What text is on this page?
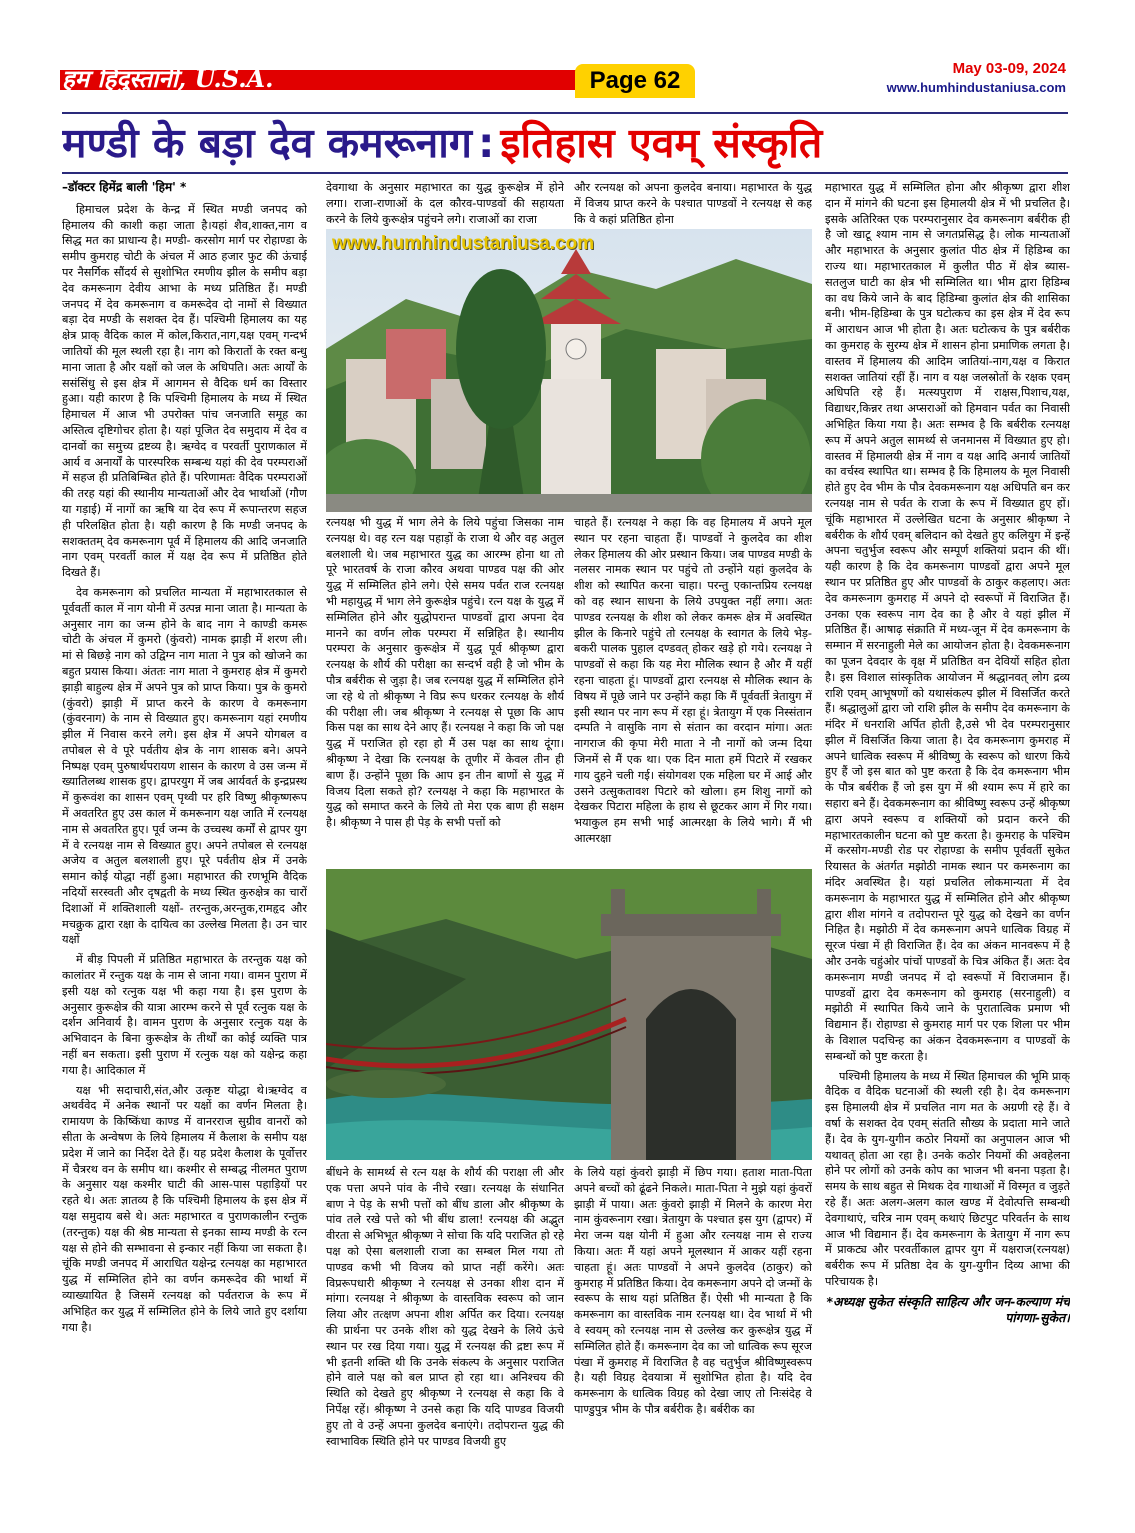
हम हिंदुस्तानी, U.S.A.	Page 62	May 03-09, 2024
www.humhindustaniusa.com
मण्डी के बड़ा देव कमरूनाग : इतिहास एवम् संस्कृति

–डॉक्टर हिमेंद्र बाली 'हिम' *

हिमाचल प्रदेश के केन्द्र में स्थित मण्डी जनपद को हिमालय की काशी कहा जाता है।यहां शैव,शाक्त,नाग व सिद्ध मत का प्राधान्य है। मण्डी- करसोग मार्ग पर रोहाण्डा के समीप कुमराह चोटी के अंचल में आठ हजार फुट की ऊंचाई पर नैसर्गिक सौंदर्य से सुशोभित रमणीय झील के समीप बड़ा देव कमरूनाग देवीय आभा के मध्य प्रतिष्ठित हैं। मण्डी जनपद में देव कमरूनाग व कमरूदेव दो नामों से विख्यात बड़ा देव मण्डी के सशक्त देव हैं। पश्चिमी हिमालय का यह क्षेत्र प्राक् वैदिक काल में कोल,किरात,नाग,यक्ष एवम् गन्दर्भ जातियों की मूल स्थली रहा है। नाग को किरातों के रक्त बन्धु माना जाता है और यक्षों को जल के अधिपति। अतः आर्यों के ससंसिंधु से इस क्षेत्र में आगमन से वैदिक धर्म का विस्तार हुआ। यही कारण है कि पश्चिमी हिमालय के मध्य में स्थित हिमाचल में आज भी उपरोक्त पांच जनजाति समूह का अस्तित्व दृष्टिगोचर होता है। यहां पूजित देव समुदाय में देव व दानवों का समुच्य द्रष्टव्य है। ऋग्वेद व परवर्ती पुराणकाल में आर्य व अनार्यों के पारस्परिक सम्बन्ध यहां की देव परम्पराओं में सहज ही प्रतिबिम्बित होते हैं। परिणामतः वैदिक परम्पराओं की तरह यहां की स्थानीय मान्यताओं और देव भार्थाओं (गौण या गड़ाई) में नागों का ऋषि या देव रूप में रूपान्तरण सहज ही परिलक्षित होता है। यही कारण है कि मण्डी जनपद के सशक्ततम् देव कमरूनाग पूर्व में हिमालय की आदि जनजाति नाग एवम् परवर्ती काल में यक्ष देव रूप में प्रतिष्ठित होते दिखते हैं।

देव कमरूनाग को प्रचलित मान्यता में महाभारतकाल से पूर्ववर्ती काल में नाग योनी में उत्पन्न माना जाता है। मान्यता के अनुसार नाग का जन्म होने के बाद नाग ने काण्डी कमरू चोटी के अंचल में कुमरो (कुंवरो) नामक झाड़ी में शरण ली। मां से बिछड़े नाग को उद्विग्न नाग माता ने पुत्र को खोजने का बहुत प्रयास किया। अंततः नाग माता ने कुमराह क्षेत्र में कुमरो झाड़ी बाहुल्य क्षेत्र में अपने पुत्र को प्राप्त किया। पुत्र के कुमरो (कुंवरो) झाड़ी में प्राप्त करने के कारण वे कमरूनाग (कुंवरनाग) के नाम से विख्यात हुए। कमरूनाग यहां रमणीय झील में निवास करने लगे। इस क्षेत्र में अपने योगबल व तपोबल से वे पूरे पर्वतीय क्षेत्र के नाग शासक बने। अपने निष्पक्ष एवम् पुरुषार्थपरायण शासन के कारण वे उस जन्म में ख्यातिलब्ध शासक हुए। द्वापरयुग में जब आर्यवर्त के इन्द्रप्रस्थ में कुरूवंश का शासन एवम् पृथ्वी पर हरि विष्णु श्रीकृष्णरूप में अवतरित हुए उस काल में कमरूनाग यक्ष जाति में रत्नयक्ष नाम से अवतरित हुए। पूर्व जन्म के उच्चस्थ कर्मों से द्वापर युग में वे रत्नयक्ष नाम से विख्यात हुए। अपने तपोबल से रत्नयक्ष अजेय व अतुल बलशाली हुए। पूरे पर्वतीय क्षेत्र में उनके समान कोई योद्धा नहीं हुआ। महाभारत की रणभूमि वैदिक नदियों सरस्वती और दृषद्वती के मध्य स्थित कुरुक्षेत्र का चारों दिशाओं में शक्तिशाली यक्षों- तरन्तुक,अरन्तुक,रामहृद और मचक्रुक द्वारा रक्षा के दायित्व का उल्लेख मिलता है। उन चार यक्षों

में बीड़ पिपली में प्रतिष्ठित महाभारत के तरन्तुक यक्ष को कालांतर में रन्तुक यक्ष के नाम से जाना गया। वामन पुराण में इसी यक्ष को रत्नुक यक्ष भी कहा गया है। इस पुराण के अनुसार कुरूक्षेत्र की यात्रा आरम्भ करने से पूर्व रत्नुक यक्ष के दर्शन अनिवार्य है। वामन पुराण के अनुसार रत्नुक यक्ष के अभिवादन के बिना कुरूक्षेत्र के तीर्थों का कोई व्यक्ति पात्र नहीं बन सकता। इसी पुराण में रत्नुक यक्ष को यक्षेन्द्र कहा गया है। आदिकाल में

यक्ष भी सदाचारी,संत,और उत्कृष्ट योद्धा थे।ऋग्वेद व अथर्ववेद में अनेक स्थानों पर यक्षों का वर्णन मिलता है। रामायण के किष्किंधा काण्ड में वानरराज सुग्रीव वानरों को सीता के अन्वेषण के लिये हिमालय में कैलाश के समीप यक्ष प्रदेश में जाने का निर्देश देते हैं। यह प्रदेश कैलाश के पूर्वोत्तर में चैत्ररथ वन के समीप था। कश्मीर से सम्बद्ध नीलमत पुराण के अनुसार यक्ष कश्मीर घाटी की आस-पास पहाड़ियों पर रहते थे। अतः ज्ञातव्य है कि पश्चिमी हिमालय के इस क्षेत्र में यक्ष समुदाय बसे थे। अतः महाभारत व पुराणकालीन रन्तुक (तरन्तुक) यक्ष की श्रेष्ठ मान्यता से इनका साम्य मण्डी के रत्न यक्ष से होने की सम्भावना से इन्कार नहीं किया जा सकता है। चूंकि मण्डी जनपद में आराधित यक्षेन्द्र रत्नयक्ष का महाभारत युद्ध में सम्मिलित होने का वर्णन कमरूदेव की भार्था में व्याख्यायित है जिसमें रत्नयक्ष को पर्वतराज के रूप में अभिहित कर युद्ध में सम्मिलित होने के लिये जाते हुए दर्शाया गया है।

देवगाथा के अनुसार महाभारत का युद्ध कुरूक्षेत्र में होने लगा। राजा-राणाओं के दल कौरव-पाण्डवों की सहायता करने के लिये कुरूक्षेत्र पहुंचने लगे। राजाओं का राजा

और रत्नयक्ष को अपना कुलदेव बनाया। महाभारत के युद्ध में विजय प्राप्त करने के पश्चात पाण्डवों ने रत्नयक्ष से कह कि वे कहां प्रतिष्ठित होना

www.humhindustaniusa.com

रत्नयक्ष भी युद्ध में भाग लेने के लिये पहुंचा जिसका नाम रत्नयक्ष थे। वह रत्न यक्ष पहाड़ों के राजा थे और वह अतुल बलशाली थे। जब महाभारत युद्ध का आरम्भ होना था तो पूरे भारतवर्ष के राजा कौरव अथवा पाण्डव पक्ष की ओर युद्ध में सम्मिलित होने लगे। ऐसे समय पर्वत राज रत्नयक्ष भी महायुद्ध में भाग लेने कुरूक्षेत्र पहुंचे। रत्न यक्ष के युद्ध में सम्मिलित होने और युद्धोपरान्त पाण्डवों द्वारा अपना देव मानने का वर्णन लोक परम्परा में सन्निहित है। स्थानीय परम्परा के अनुसार कुरूक्षेत्र में युद्ध पूर्व श्रीकृष्ण द्वारा रत्नयक्ष के शौर्य की परीक्षा का सन्दर्भ वही है जो भीम के पौत्र बर्बरीक से जुड़ा है। जब रत्नयक्ष युद्ध में सम्मिलित होने जा रहे थे तो श्रीकृष्ण ने विप्र रूप धरकर रत्नयक्ष के शौर्य की परीक्षा ली। जब श्रीकृष्ण ने रत्नयक्ष से पूछा कि आप किस पक्ष का साथ देने आए हैं। रत्नयक्ष ने कहा कि जो पक्ष युद्ध में पराजित हो रहा हो मैं उस पक्ष का साथ दूंगा। श्रीकृष्ण ने देखा कि रत्नयक्ष के तूणीर में केवल तीन ही बाण हैं। उन्होंने पूछा कि आप इन तीन बाणों से युद्ध में विजय दिला सकते हो? रत्नयक्ष ने कहा कि महाभारत के युद्ध को समाप्त करने के लिये तो मेरा एक बाण ही सक्षम है। श्रीकृष्ण ने पास ही पेड़ के सभी पत्तों को

चाहते हैं। रत्नयक्ष ने कहा कि वह हिमालय में अपने मूल स्थान पर रहना चाहता हैं। पाण्डवों ने कुलदेव का शीश लेकर हिमालय की ओर प्रस्थान किया। जब पाण्डव मण्डी के नलसर नामक स्थान पर पहुंचे तो उन्होंने यहां कुलदेव के शीश को स्थापित करना चाहा। परन्तु एकान्तप्रिय रत्नयक्ष को वह स्थान साधना के लिये उपयुक्त नहीं लगा। अतः पाण्डव रत्नयक्ष के शीश को लेकर कमरू क्षेत्र में अवस्थित झील के किनारे पहुंचे तो रत्नयक्ष के स्वागत के लिये भेड़-बकरी पालक पुहाल दण्डवत् होकर खड़े हो गये। रत्नयक्ष ने पाण्डवों से कहा कि यह मेरा मौलिक स्थान है और मैं यहीं रहना चाहता हूं। पाण्डवों द्वारा रत्नयक्ष से मौलिक स्थान के विषय में पूछे जाने पर उन्होंने कहा कि मैं पूर्ववर्ती त्रेतायुग में इसी स्थान पर नाग रूप में रहा हूं। त्रेतायुग में एक निस्संतान दम्पति ने वासुकि नाग से संतान का वरदान मांगा। अतः नागराज की कृपा मेरी माता ने नौ नागों को जन्म दिया जिनमें से मैं एक था। एक दिन माता हमें पिटारे में रखकर गाय दुहने चली गई। संयोगवश एक महिला घर में आई और उसने उत्सुकतावश पिटारे को खोला। हम शिशु नागों को देखकर पिटारा महिला के हाथ से छूटकर आग में गिर गया। भयाकुल हम सभी भाई आत्मरक्षा के लिये भागे। मैं भी आत्मरक्षा

बींधने के सामर्थ्य से रत्न यक्ष के शौर्य की पराक्षा ली और एक पत्ता अपने पांव के नीचे रखा। रत्नयक्ष के संधानित बाण ने पेड़ के सभी पत्तों को बींध डाला और श्रीकृष्ण के पांव तले रखे पत्ते को भी बींध डाला! रत्नयक्ष की अद्भुत वीरता से अभिभूत श्रीकृष्ण ने सोचा कि यदि पराजित हो रहे पक्ष को ऐसा बलशाली राजा का सम्बल मिल गया तो पाण्डव कभी भी विजय को प्राप्त नहीं करेंगे। अतः विप्ररूपधारी श्रीकृष्ण ने रत्नयक्ष से उनका शीश दान में मांगा। रत्नयक्ष ने श्रीकृष्ण के वास्तविक स्वरूप को जान लिया और तत्क्षण अपना शीश अर्पित कर दिया। रत्नयक्ष की प्रार्थना पर उनके शीश को युद्ध देखने के लिये ऊंचे स्थान पर रख दिया गया। युद्ध में रत्नयक्ष की द्रष्टा रूप में भी इतनी शक्ति थी कि उनके संकल्प के अनुसार पराजित होने वाले पक्ष को बल प्राप्त हो रहा था। अनिश्चय की स्थिति को देखते हुए श्रीकृष्ण ने रत्नयक्ष से कहा कि वे निर्पेक्ष रहें। श्रीकृष्ण ने उनसे कहा कि यदि पाण्डव विजयी हुए तो वे उन्हें अपना कुलदेव बनाएंगे। तदोपरान्त युद्ध की स्वाभाविक स्थिति होने पर पाण्डव विजयी हुए

के लिये यहां कुंवरो झाड़ी में छिप गया। हताश माता-पिता अपने बच्चों को ढूंढने निकले। माता-पिता ने मुझे यहां कुंवरों झाड़ी में पाया। अतः कुंवरो झाड़ी में मिलने के कारण मेरा नाम कुंवरूनाग रखा। त्रेतायुग के पश्चात इस युग (द्वापर) में मेरा जन्म यक्ष योनी में हुआ और रत्नयक्ष नाम से राज्य किया। अतः मैं यहां अपने मूलस्थान में आकर यहीं रहना चाहता हूं। अतः पाण्डवों ने अपने कुलदेव (ठाकुर) को कुमराह में प्रतिष्ठित किया। देव कमरूनाग अपने दो जन्मों के स्वरूप के साथ यहां प्रतिष्ठित हैं। ऐसी भी मान्यता है कि कमरूनाग का वास्तविक नाम रत्नयक्ष था। देव भार्था में भी वे स्वयम् को रत्नयक्ष नाम से उल्लेख कर कुरूक्षेत्र युद्ध में सम्मिलित होते हैं। कमरूनाग देव का जो धात्विक रूप सूरज पंखा में कुमराह में विराजित है वह चतुर्भुज श्रीविष्णुस्वरूप है। यही विग्रह देवयात्रा में सुशोभित होता है। यदि देव कमरूनाग के धात्विक विग्रह को देखा जाए तो निःसंदेह वे पाण्डुपुत्र भीम के पौत्र बर्बरीक है। बर्बरीक का

महाभारत युद्ध में सम्मिलित होना और श्रीकृष्ण द्वारा शीश दान में मांगने की घटना इस हिमालयी क्षेत्र में भी प्रचलित है। इसके अतिरिक्त एक परम्परानुसार देव कमरूनाग बर्बरीक ही है जो खाटू श्याम नाम से जगतप्रसिद्ध है। लोक मान्यताओं और महाभारत के अनुसार कुलांत पीठ क्षेत्र में हिडिम्ब का राज्य था। महाभारतकाल में कुलीत पीठ में क्षेत्र ब्यास-सतलुज घाटी का क्षेत्र भी सम्मिलित था। भीम द्वारा हिडिम्ब का वध किये जाने के बाद हिडिम्बा कुलांत क्षेत्र की शासिका बनी। भीम-हिडिम्बा के पुत्र घटोत्कच का इस क्षेत्र में देव रूप में आराधन आज भी होता है। अतः घटोत्कच के पुत्र बर्बरीक का कुमराह के सुरम्य क्षेत्र में शासन होना प्रमाणिक लगता है। वास्तव में हिमालय की आदिम जातियां-नाग,यक्ष व किरात सशक्त जातियां रहीं हैं। नाग व यक्ष जलस्रोतों के रक्षक एवम् अधिपति रहे हैं। मत्स्यपुराण में राक्षस,पिशाच,यक्ष, विद्याधर,किन्नर तथा अप्सराओं को हिमवान पर्वत का निवासी अभिहित किया गया है। अतः सम्भव है कि बर्बरीक रत्नयक्ष रूप में अपने अतुल सामर्थ्य से जनमानस में विख्यात हुए हो। वास्तव में हिमालयी क्षेत्र में नाग व यक्ष आदि अनार्य जातियों का वर्चस्व स्थापित था। सम्भव है कि हिमालय के मूल निवासी होते हुए देव भीम के पौत्र देवकमरूनाग यक्ष अधिपति बन कर रत्नयक्ष नाम से पर्वत के राजा के रूप में विख्यात हुए हों। चूंकि महाभारत में उल्लेखित घटना के अनुसार श्रीकृष्ण ने बर्बरीक के शौर्य एवम् बलिदान को देखते हुए कलियुग में इन्हें अपना चतुर्भुज स्वरूप और सम्पूर्ण शक्तियां प्रदान की थीं। यही कारण है कि देव कमरूनाग पाण्डवों द्वारा अपने मूल स्थान पर प्रतिष्ठित हुए और पाण्डवों के ठाकुर कहलाए। अतः देव कमरूनाग कुमराह में अपने दो स्वरूपों में विराजित हैं। उनका एक स्वरूप नाग देव का है और वे यहां झील में प्रतिष्ठित हैं। आषाढ़ संक्राति में मध्य-जून में देव कमरूनाग के सम्मान में सरनाहुली मेले का आयोजन होता है। देवकमरूनाग का पूजन देवदार के वृक्ष में प्रतिष्ठित वन देवियों सहित होता है। इस विशाल सांस्कृतिक आयोजन में श्रद्धानवत् लोग द्रव्य राशि एवम् आभूषणों को यथासंकल्प झील में विसर्जित करते हैं। श्रद्धालुओं द्वारा जो राशि झील के समीप देव कमरूनाग के मंदिर में धनराशि अर्पित होती है,उसे भी देव परम्परानुसार झील में विसर्जित किया जाता है। देव कमरूनाग कुमराह में अपने धात्विक स्वरूप में श्रीविष्णु के स्वरूप को धारण किये हुए हैं जो इस बात को पुष्ट करता है कि देव कमरूनाग भीम के पौत्र बर्बरीक हैं जो इस युग में श्री श्याम रूप में हारे का सहारा बने हैं। देवकमरूनाग का श्रीविष्णु स्वरूप उन्हें श्रीकृष्ण द्वारा अपने स्वरूप व शक्तियों को प्रदान करने की महाभारतकालीन घटना को पुष्ट करता है। कुमराह के पश्चिम में करसोग-मण्डी रोड पर रोहाण्डा के समीप पूर्ववर्ती सुकेत रियासत के अंतर्गत मझोठी नामक स्थान पर कमरूनाग का मंदिर अवस्थित है। यहां प्रचलित लोकमान्यता में देव कमरूनाग के महाभारत युद्ध में सम्मिलित होने और श्रीकृष्ण द्वारा शीश मांगने व तदोपरान्त पूरे युद्ध को देखने का वर्णन निहित है। मझोठी में देव कमरूनाग अपने धात्विक विग्रह में सूरज पंखा में ही विराजित हैं। देव का अंकन मानवरूप में है और उनके चहुंओर पांचों पाण्डवों के चित्र अंकित हैं। अतः देव कमरूनाग मण्डी जनपद में दो स्वरूपों में विराजमान हैं। पाण्डवों द्वारा देव कमरूनाग को कुमराह (सरनाहुली) व मझोठी में स्थापित किये जाने के पुरातात्विक प्रमाण भी विद्यमान हैं। रोहाण्डा से कुमराह मार्ग पर एक शिला पर भीम के विशाल पदचिन्ह का अंकन देवकमरूनाग व पाण्डवों के सम्बन्धों को पुष्ट करता है।

पश्चिमी हिमालय के मध्य में स्थित हिमाचल की भूमि प्राक् वैदिक व वैदिक घटनाओं की स्थली रही है। देव कमरूनाग इस हिमालयी क्षेत्र में प्रचलित नाग मत के अग्रणी रहे हैं। वे वर्षा के सशक्त देव एवम् संतति सौख्य के प्रदाता माने जाते हैं। देव के युग-युगीन कठोर नियमों का अनुपालन आज भी यथावत् होता आ रहा है। उनके कठोर नियमों की अवहेलना होने पर लोगों को उनके कोप का भाजन भी बनना पड़ता है। समय के साथ बहुत से मिथक देव गाथाओं में विस्मृत व जुड़ते रहे हैं। अतः अलग-अलग काल खण्ड में देवोत्पत्ति सम्बन्धी देवगाथाएं, चरित्र नाम एवम् कथाएं छिटपुट परिवर्तन के साथ आज भी विद्यमान हैं। देव कमरूनाग के त्रेतायुग में नाग रूप में प्राकट्य और परवर्तीकाल द्वापर युग में यक्षराज(रत्नयक्ष) बर्बरीक रूप में प्रतिष्ठा देव के युग-युगीन दिव्य आभा की परिचायक है।

*अध्यक्ष सुकेत संस्कृति साहित्य और जन-कल्याण मंच पांगणा-सुकेत।
